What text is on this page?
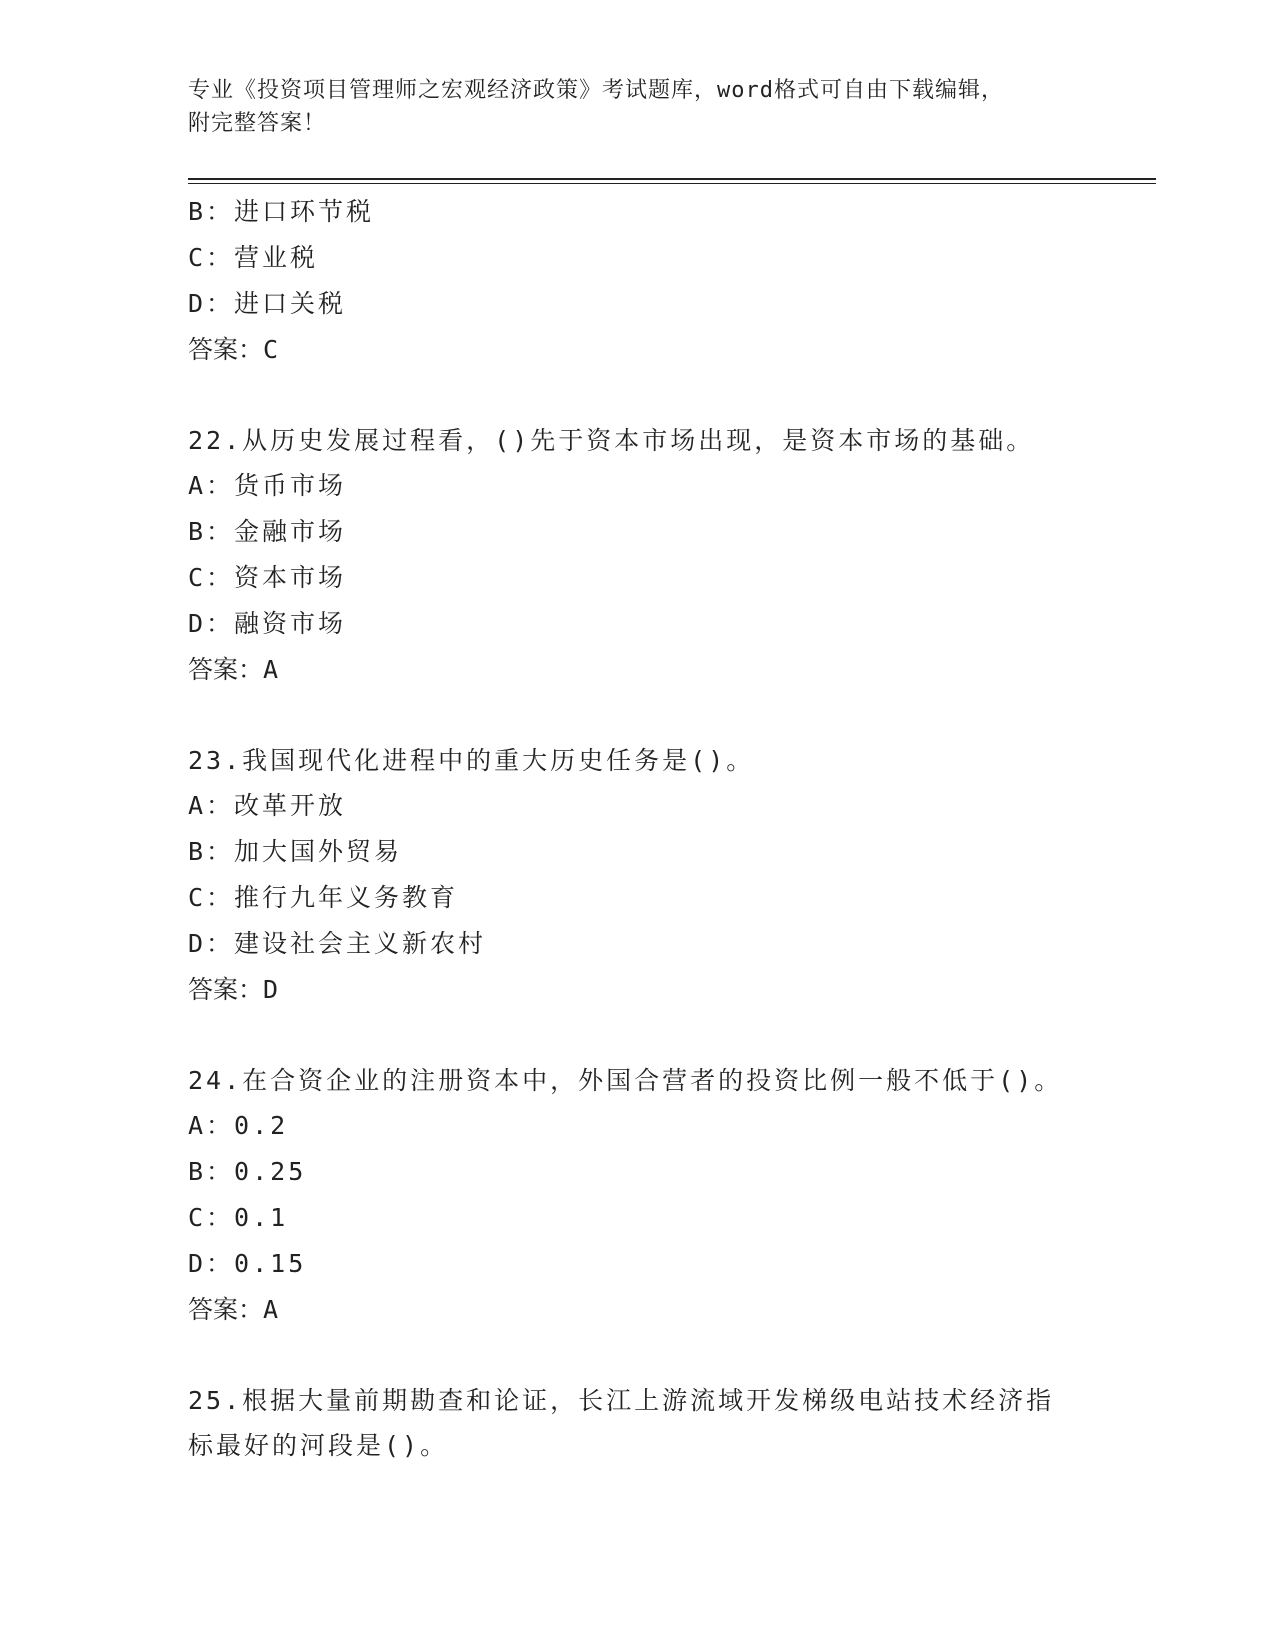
专业《投资项目管理师之宏观经济政策》考试题库，word格式可自由下载编辑，
附完整答案！
B：进口环节税
C：营业税
D：进口关税
答案：C
22.从历史发展过程看，()先于资本市场出现，是资本市场的基础。
A：货币市场
B：金融市场
C：资本市场
D：融资市场
答案：A
23.我国现代化进程中的重大历史任务是()。
A：改革开放
B：加大国外贸易
C：推行九年义务教育
D：建设社会主义新农村
答案：D
24.在合资企业的注册资本中，外国合营者的投资比例一般不低于()。
A：0.2
B：0.25
C：0.1
D：0.15
答案：A
25.根据大量前期勘查和论证，长江上游流域开发梯级电站技术经济指
标最好的河段是()。
